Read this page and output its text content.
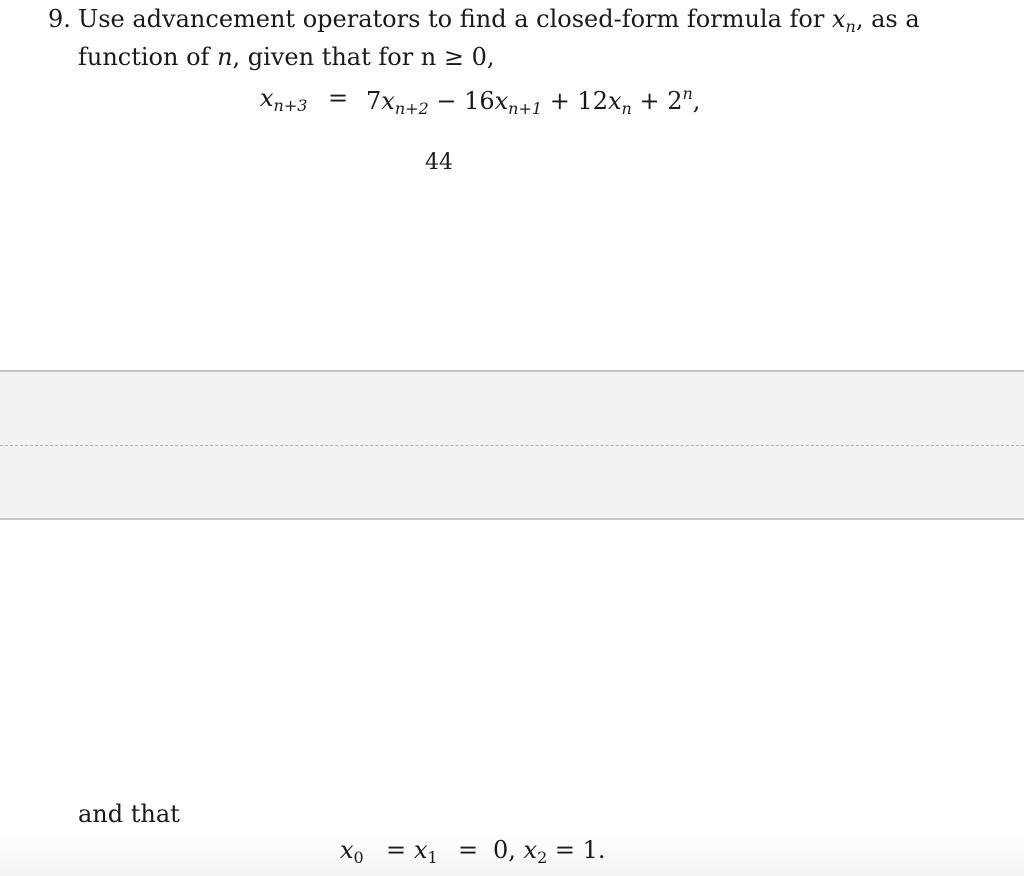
9. Use advancement operators to find a closed-form formula for $x_n$, as a
function of n, given that for n ≥ 0,
$x_{n+3} = 7x_{n+2} - 16x_{n+1} + 12x_n + 2^n$,
44
and that
$x_0 = x_1 = 0$, $x_2 = 1$.
